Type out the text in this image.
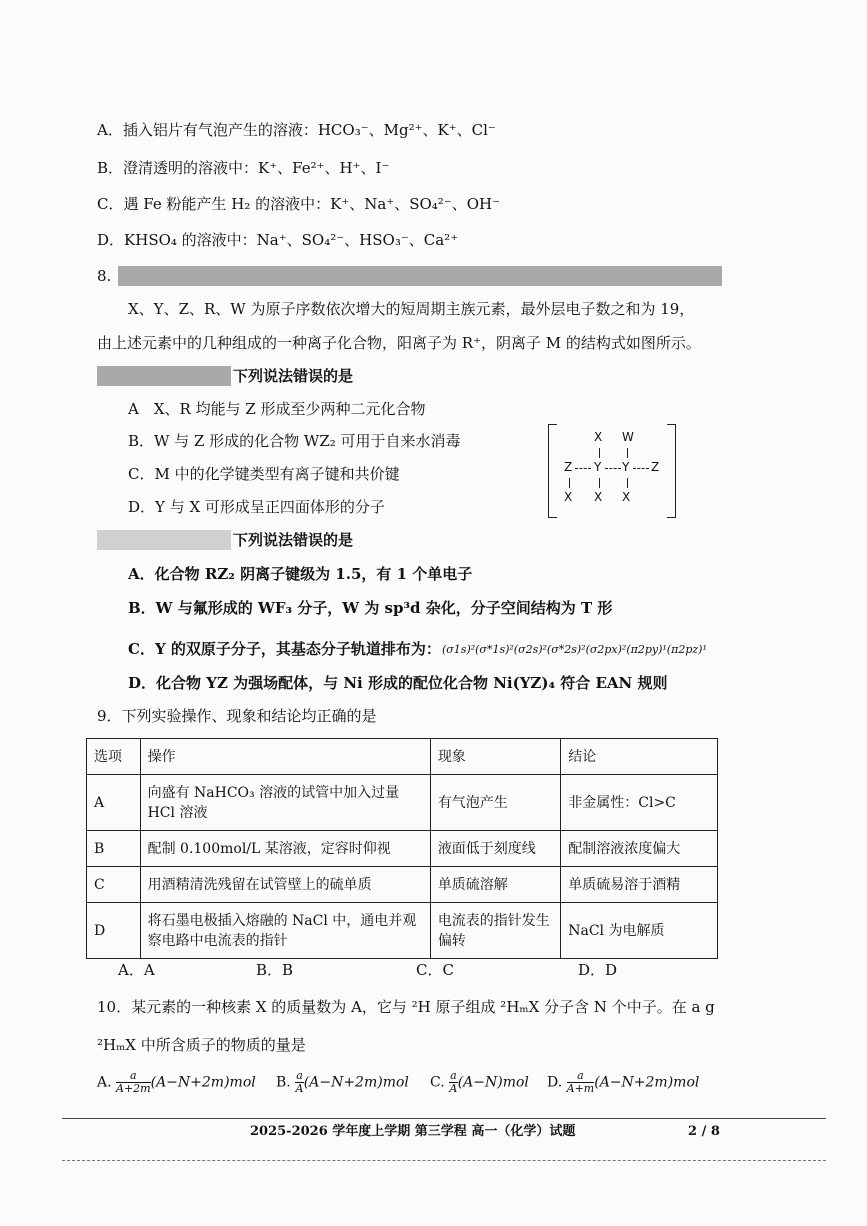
A．插入铝片有气泡产生的溶液：HCO₃⁻、Mg²⁺、K⁺、Cl⁻
B．澄清透明的溶液中：K⁺、Fe²⁺、H⁺、I⁻
C．遇 Fe 粉能产生 H₂ 的溶液中：K⁺、Na⁺、SO₄²⁻、OH⁻
D．KHSO₄ 的溶液中：Na⁺、SO₄²⁻、HSO₃⁻、Ca²⁺
8.
X、Y、Z、R、W 为原子序数依次增大的短周期主族元素，最外层电子数之和为 19，
由上述元素中的几种组成的一种离子化合物，阳离子为 R⁺，阴离子 M 的结构式如图所示。
下列说法错误的是
A　X、R 均能与 Z 形成至少两种二元化合物
B．W 与 Z 形成的化合物 WZ₂ 可用于自来水消毒
C．M 中的化学键类型有离子键和共价键
D．Y 与 X 可形成呈正四面体形的分子
X W
Z Y Y Z
X X X
下列说法错误的是
A．化合物 RZ₂ 阴离子键级为 1.5，有 1 个单电子
B．W 与氟形成的 WF₃ 分子，W 为 sp³d 杂化，分子空间结构为 T 形
C．Y 的双原子分子，其基态分子轨道排布为： (σ1s)²(σ*1s)²(σ2s)²(σ*2s)²(σ2px)²(π2py)¹(π2pz)¹
D．化合物 YZ 为强场配体，与 Ni 形成的配位化合物 Ni(YZ)₄ 符合 EAN 规则
9．下列实验操作、现象和结论均正确的是
选项	操作	现象	结论
A	向盛有 NaHCO₃ 溶液的试管中加入过量 HCl 溶液	有气泡产生	非金属性：Cl>C
B	配制 0.100mol/L 某溶液，定容时仰视	液面低于刻度线	配制溶液浓度偏大
C	用酒精清洗残留在试管壁上的硫单质	单质硫溶解	单质硫易溶于酒精
D	将石墨电极插入熔融的 NaCl 中，通电并观察电路中电流表的指针	电流表的指针发生偏转	NaCl 为电解质
A．A	B．B	C．C	D．D
10．某元素的一种核素 X 的质量数为 A，它与 ²H 原子组成 ²HₘX 分子含 N 个中子。在 a g
²HₘX 中所含质子的物质的量是
A. $\frac{a}{A+2m} (A-N+2m)mol$ B. $\frac{a}{A} (A-N+2m)mol$ C. $\frac{a}{A} (A-N)mol$ D. $\frac{a}{A+m} (A-N+2m)mol$
2025-2026 学年度上学期 第三学程 高一（化学）试题	2 / 8
